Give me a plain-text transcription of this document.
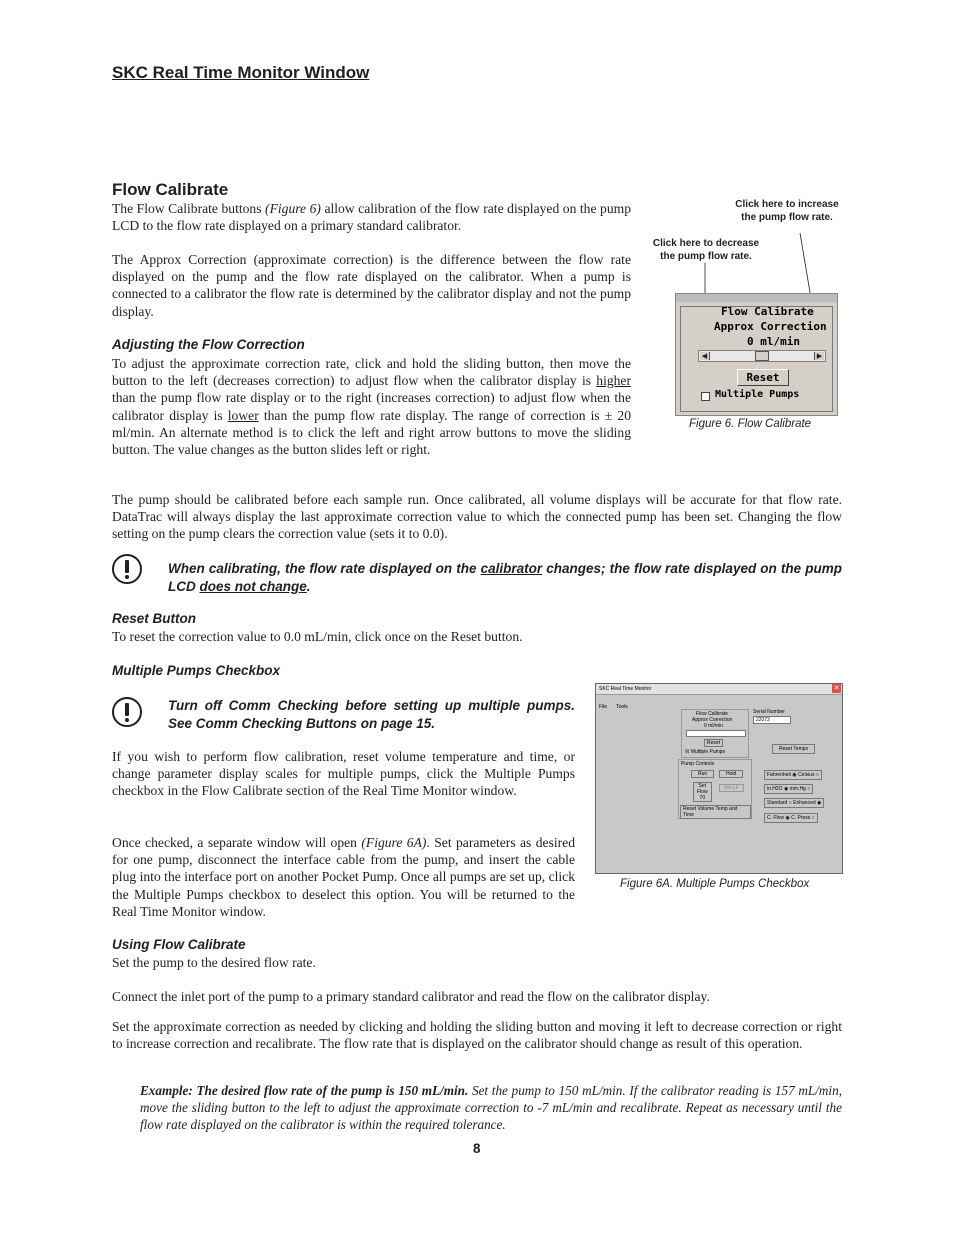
SKC Real Time Monitor Window
Flow Calibrate
The Flow Calibrate buttons (Figure 6) allow calibration of the flow rate displayed on the pump LCD to the flow rate displayed on a primary standard calibrator.
The Approx Correction (approximate correction) is the difference between the flow rate displayed on the pump and the flow rate displayed on the calibrator. When a pump is connected to a calibrator the flow rate is determined by the calibrator display and not the pump display.
Adjusting the Flow Correction
To adjust the approximate correction rate, click and hold the sliding button, then move the button to the left (decreases correction) to adjust flow when the calibrator display is higher than the pump flow rate display or to the right (increases correction) to adjust flow when the calibrator display is lower than the pump flow rate display. The range of correction is ± 20 ml/min. An alternate method is to click the left and right arrow buttons to move the sliding button. The value changes as the button slides left or right.
Click here to increase
the pump flow rate.
Click here to decrease
the pump flow rate.
Flow Calibrate
Approx Correction
0 ml/min
◀	▶
Reset
Multiple Pumps
Figure 6. Flow Calibrate
The pump should be calibrated before each sample run. Once calibrated, all volume displays will be accurate for that flow rate. DataTrac will always display the last approximate correction value to which the connected pump has been set. Changing the flow setting on the pump clears the correction value (sets it to 0.0).
When calibrating, the flow rate displayed on the calibrator changes; the flow rate displayed on the pump LCD does not change.
Reset Button
To reset the correction value to 0.0 mL/min, click once on the Reset button.
Multiple Pumps Checkbox
Turn off Comm Checking before setting up multiple pumps. See Comm Checking Buttons on page 15.
If you wish to perform flow calibration, reset volume temperature and time, or change parameter display scales for multiple pumps, click the Multiple Pumps checkbox in the Flow Calibrate section of the Real Time Monitor window.
Once checked, a separate window will open (Figure 6A). Set parameters as desired for one pump, disconnect the interface cable from the pump, and insert the cable plug into the interface port on another Pocket Pump. Once all pumps are set up, click the Multiple Pumps checkbox to deselect this option. You will be returned to the Real Time Monitor window.
SKC Real Time Monitor	✕
File Tools
Flow Calibrate
Approx Correction
0 ml/min
Reset
☒ Multiple Pumps
Serial Number
22072
Reset Temps
Pump Controls
Run	Hold
Set
Flow
70
Set LF
Reset Volume Temp and Time
Fahrenheit ◉ Celsius ○
in.H2O ◉ mm.Hg ○
Standard ○ Enhanced ◉
C. Flow ◉ C. Press ○
Figure 6A. Multiple Pumps Checkbox
Using Flow Calibrate
Set the pump to the desired flow rate.
Connect the inlet port of the pump to a primary standard calibrator and read the flow on the calibrator display.
Set the approximate correction as needed by clicking and holding the sliding button and moving it left to decrease correction or right to increase correction and recalibrate. The flow rate that is displayed on the calibrator should change as result of this operation.
Example: The desired flow rate of the pump is 150 mL/min. Set the pump to 150 mL/min. If the calibrator reading is 157 mL/min, move the sliding button to the left to adjust the approximate correction to -7 mL/min and recalibrate. Repeat as necessary until the flow rate displayed on the calibrator is within the required tolerance.
8
